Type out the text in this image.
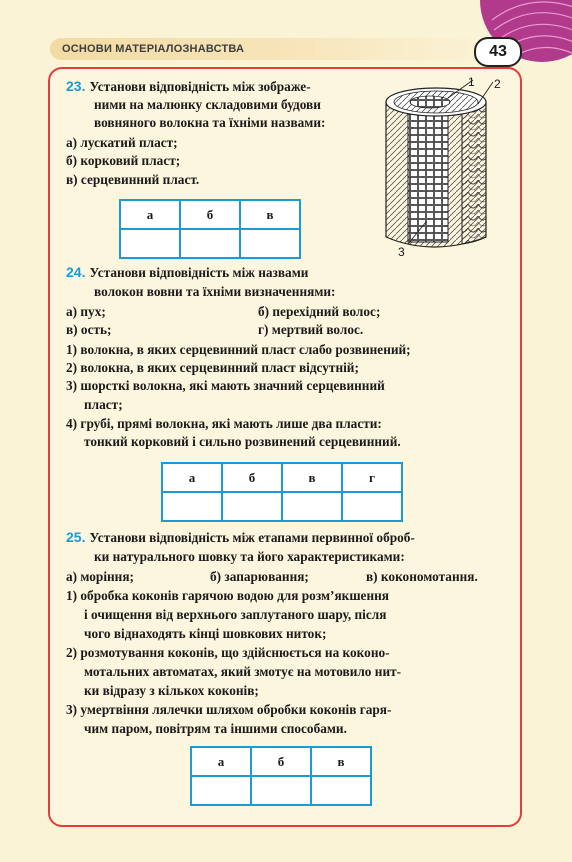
ОСНОВИ МАТЕРІАЛОЗНАВСТВА	43
23. Установи відповідність між зображе-
ними на малюнку складовими будови
вовняного волокна та їхніми назвами:
а) лускатий пласт;
б) корковий пласт;
в) серцевинний пласт.
а	б	в

1 2
3
24. Установи відповідність між назвами
волокон вовни та їхніми визначеннями:
а) пух;	б) перехідний волос;
в) ость;	г) мертвий волос.
1) волокна, в яких серцевинний пласт слабо розвинений;
2) волокна, в яких серцевинний пласт відсутній;
3) шорсткі волокна, які мають значний серцевинний
пласт;
4) грубі, прямі волокна, які мають лише два пласти:
тонкий корковий і сильно розвинений серцевинний.
а	б	в	г

25. Установи відповідність між етапами первинної оброб-
ки натурального шовку та його характеристиками:
а) моріння;	б) запарювання;	в) кокономотання.
1) обробка коконів гарячою водою для розм’якшення
і очищення від верхнього заплутаного шару, після
чого віднаходять кінці шовкових ниток;
2) розмотування коконів, що здійснюється на коконо-
мотальних автоматах, який змотує на мотовило нит-
ки відразу з кількох коконів;
3) умертвіння лялечки шляхом обробки коконів гаря-
чим паром, повітрям та іншими способами.
а	б	в
